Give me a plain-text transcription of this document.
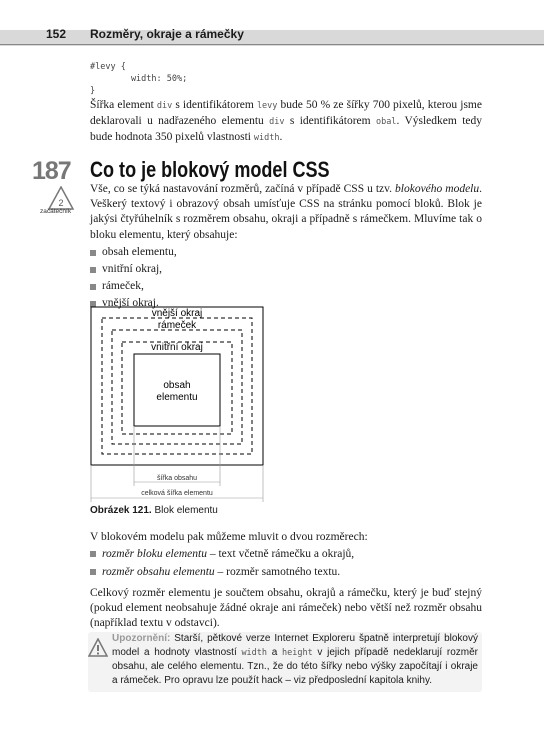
152 Rozměry, okraje a rámečky
#levy {
width: 50%;
}

Šířka element div s identifikátorem levy bude 50 % ze šířky 700 pixelů, kterou jsme deklarovali u nadřazeného elementu div s identifikátorem obal. Výsledkem tedy bude hodnota 350 pixelů vlastnosti width.

187 Co to je blokový model CSS
2
začátečník

Vše, co se týká nastavování rozměrů, začíná v případě CSS u tzv. blokového modelu. Veškerý textový i obrazový obsah umísťuje CSS na stránku pomocí bloků. Blok je jakýsi čtyřúhelník s rozměrem obsahu, okraji a případně s rámečkem. Mluvíme tak o bloku elementu, který obsahuje:

obsah elementu,
vnitřní okraj,
rámeček,
vnější okraj.
vnější okraj
rámeček
vnitřní okraj
obsah
elementu
šířka obsahu
celková šířka elementu
Obrázek 121. Blok elementu

V blokovém modelu pak můžeme mluvit o dvou rozměrech:

rozměr bloku elementu – text včetně rámečku a okrajů,
rozměr obsahu elementu – rozměr samotného textu.

Celkový rozměr elementu je součtem obsahu, okrajů a rámečku, který je buď stejný (pokud element neobsahuje žádné okraje ani rámeček) nebo větší než rozměr obsahu (například textu v odstavci).

Upozornění: Starší, pětkové verze Internet Exploreru špatně interpretují blokový model a hodnoty vlastností width a height v jejich případě nedeklarují rozměr obsahu, ale celého elementu. Tzn., že do této šířky nebo výšky započítají i okraje a rámeček. Pro opravu lze použít hack – viz předposlední kapitola knihy.
